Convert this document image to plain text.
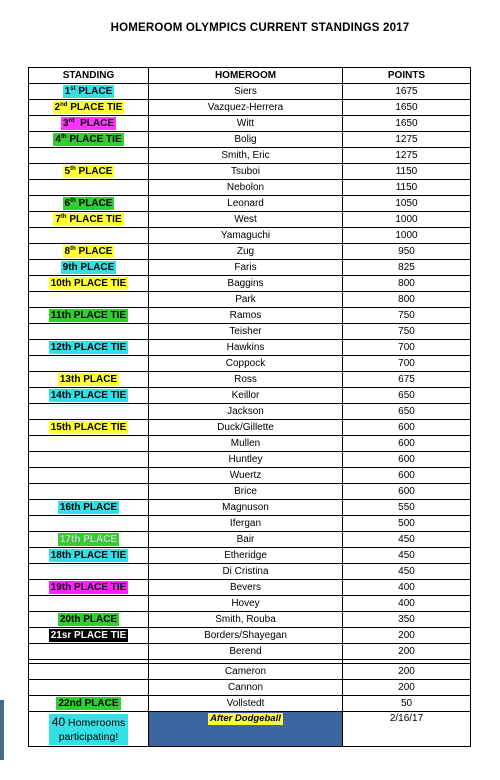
HOMEROOM OLYMPICS CURRENT STANDINGS 2017
STANDING	HOMEROOM	POINTS
1st PLACE	Siers	1675
2nd PLACE TIE	Vazquez-Herrera	1650
3rd  PLACE	Witt	1650
4th PLACE TIE	Bolig	1275
	Smith, Eric	1275
5th PLACE	Tsuboi	1150
	Nebolon	1150
6th PLACE	Leonard	1050
7th PLACE TIE	West	1000
	Yamaguchi	1000
8th PLACE	Zug	950
9th PLACE	Faris	825
10th PLACE TIE	Baggins	800
	Park	800
11th PLACE TIE	Ramos	750
	Teisher	750
12th PLACE TIE	Hawkins	700
	Coppock	700
13th PLACE	Ross	675
14th PLACE TIE	Keillor	650
	Jackson	650
15th PLACE TIE	Duck/Gillette	600
	Mullen	600
	Huntley	600
	Wuertz	600
	Brice	600
16th PLACE	Magnuson	550
	Ifergan	500
17th PLACE	Bair	450
18th PLACE TIE	Etheridge	450
	Di Cristina	450
19th PLACE TIE	Bevers	400
	Hovey	400
20th PLACE	Smith, Rouba	350
21sr PLACE TIE	Borders/Shayegan	200
	Berend	200

	Cameron	200
	Cannon	200
22nd PLACE	Vollstedt	50
40 Homerooms
participating!	After Dodgeball	2/16/17
